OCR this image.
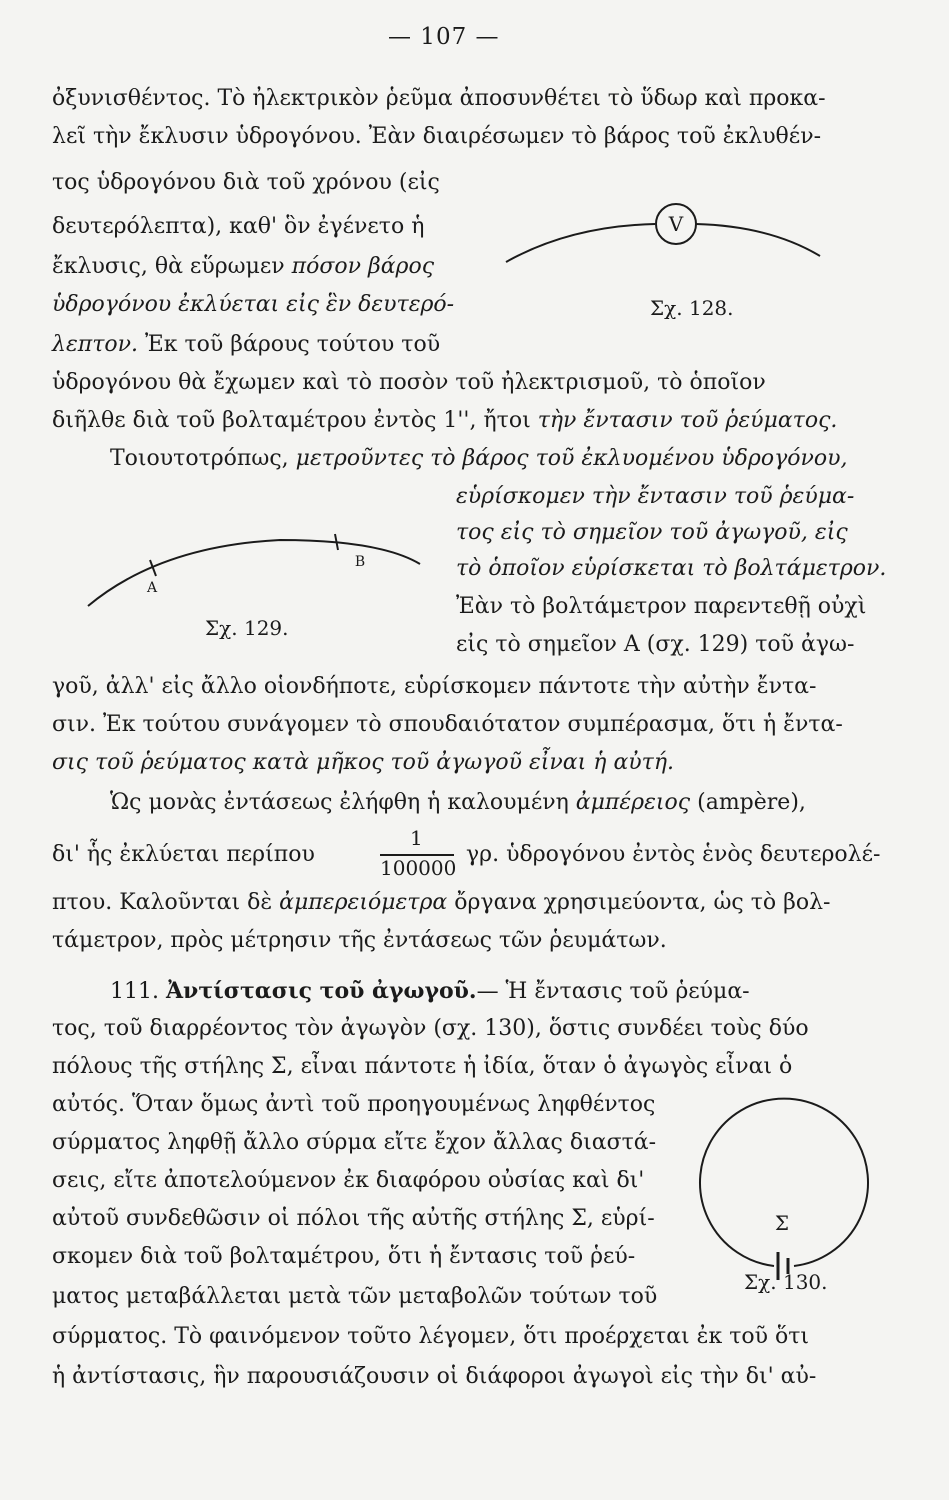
— 107 —
ὀξυνισθέντος. Τὸ ἠλεκτρικὸν ῥεῦμα ἀποσυνθέτει τὸ ὕδωρ καὶ προκα-
λεῖ τὴν ἔκλυσιν ὑδρογόνου. Ἐὰν διαιρέσωμεν τὸ βάρος τοῦ ἐκλυθέν-
τος ὑδρογόνου διὰ τοῦ χρόνου (εἰς
δευτερόλεπτα), καθ' ὃν ἐγένετο ἡ
ἔκλυσις, θὰ εὕρωμεν πόσον βάρος
ὑδρογόνου ἐκλύεται εἰς ἓν δευτερό-
λεπτον. Ἐκ τοῦ βάρους τούτου τοῦ
ὑδρογόνου θὰ ἔχωμεν καὶ τὸ ποσὸν τοῦ ἠλεκτρισμοῦ, τὸ ὁποῖον
διῆλθε διὰ τοῦ βολταμέτρου ἐντὸς 1'', ἤτοι τὴν ἔντασιν τοῦ ῥεύματος.
Τοιουτοτρόπως, μετροῦντες τὸ βάρος τοῦ ἐκλυομένου ὑδρογόνου,
εὑρίσκομεν τὴν ἔντασιν τοῦ ῥεύμα-
τος εἰς τὸ σημεῖον τοῦ ἀγωγοῦ, εἰς
τὸ ὁποῖον εὑρίσκεται τὸ βολτάμετρον.
Ἐὰν τὸ βολτάμετρον παρεντεθῇ οὐχὶ
εἰς τὸ σημεῖον Α (σχ. 129) τοῦ ἀγω-
γοῦ, ἀλλ' εἰς ἄλλο οἱονδήποτε, εὑρίσκομεν πάντοτε τὴν αὐτὴν ἔντα-
σιν. Ἐκ τούτου συνάγομεν τὸ σπουδαιότατον συμπέρασμα, ὅτι ἡ ἔντα-
σις τοῦ ῥεύματος κατὰ μῆκος τοῦ ἀγωγοῦ εἶναι ἡ αὐτή.
Ὡς μονὰς ἐντάσεως ἐλήφθη ἡ καλουμένη ἀμπέρειος (ampère),
δι' ἧς ἐκλύεται περίπου
1
100000
γρ. ὑδρογόνου ἐντὸς ἑνὸς δευτερολέ-
πτου. Καλοῦνται δὲ ἀμπερειόμετρα ὄργανα χρησιμεύοντα, ὡς τὸ βολ-
τάμετρον, πρὸς μέτρησιν τῆς ἐντάσεως τῶν ῥευμάτων.
111. Ἀντίστασις τοῦ ἀγωγοῦ.— Ἡ ἔντασις τοῦ ῥεύμα-
τος, τοῦ διαρρέοντος τὸν ἀγωγὸν (σχ. 130), ὅστις συνδέει τοὺς δύο
πόλους τῆς στήλης Σ, εἶναι πάντοτε ἡ ἰδία, ὅταν ὁ ἀγωγὸς εἶναι ὁ
αὐτός. Ὅταν ὅμως ἀντὶ τοῦ προηγουμένως ληφθέντος
σύρματος ληφθῇ ἄλλο σύρμα εἴτε ἔχον ἄλλας διαστά-
σεις, εἴτε ἀποτελούμενον ἐκ διαφόρου οὐσίας καὶ δι'
αὐτοῦ συνδεθῶσιν οἱ πόλοι τῆς αὐτῆς στήλης Σ, εὑρί-
σκομεν διὰ τοῦ βολταμέτρου, ὅτι ἡ ἔντασις τοῦ ῥεύ-
ματος μεταβάλλεται μετὰ τῶν μεταβολῶν τούτων τοῦ
σύρματος. Τὸ φαινόμενον τοῦτο λέγομεν, ὅτι προέρχεται ἐκ τοῦ ὅτι
ἡ ἀντίστασις, ἣν παρουσιάζουσιν οἱ διάφοροι ἀγωγοὶ εἰς τὴν δι' αὐ-
V
Σχ. 128.
A
B
Σχ. 129.
Σ
Σχ. 130.
